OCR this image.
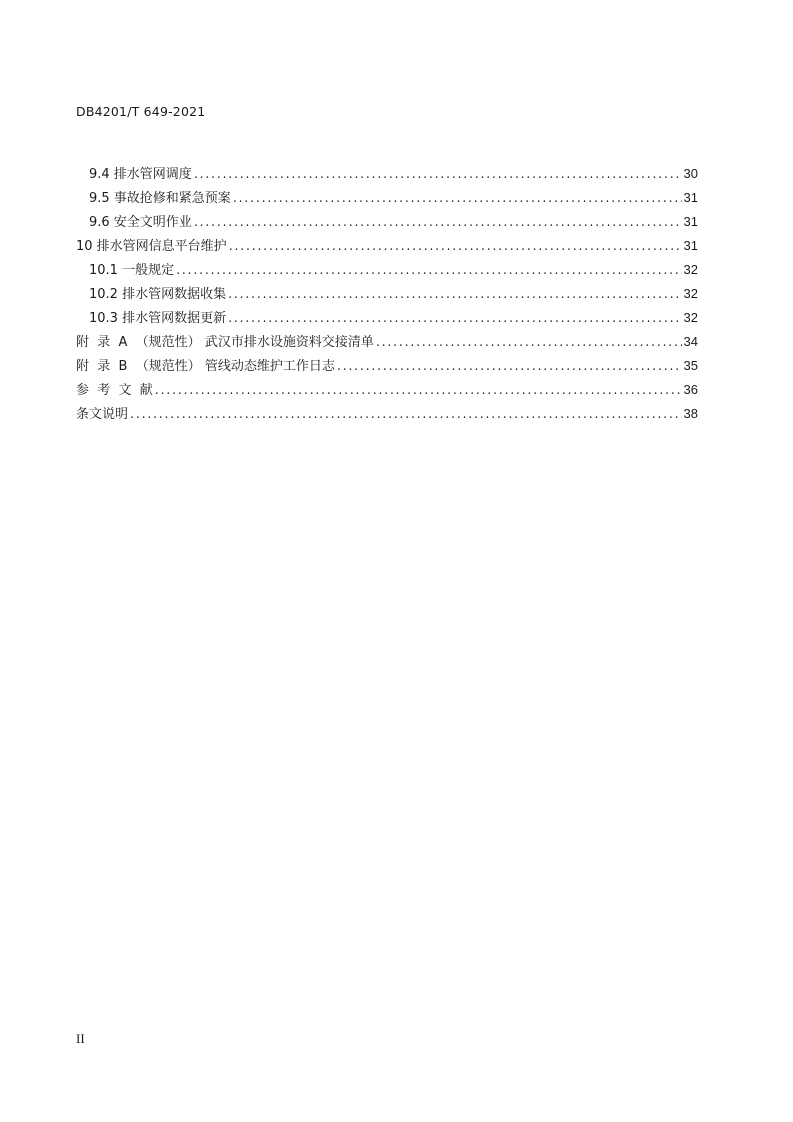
DB4201/T 649-2021
9.4 排水管网调度 .....	30
9.5 事故抢修和紧急预案 .....	31
9.6 安全文明作业 .....	31
10 排水管网信息平台维护 .....	31
10.1 一般规定 .....	32
10.2 排水管网数据收集 .....	32
10.3 排水管网数据更新 .....	32
附  录  A  （规范性） 武汉市排水设施资料交接清单 .....	34
附  录  B  （规范性） 管线动态维护工作日志 .....	35
参  考  文  献 .....	36
条文说明 .....	38
II
